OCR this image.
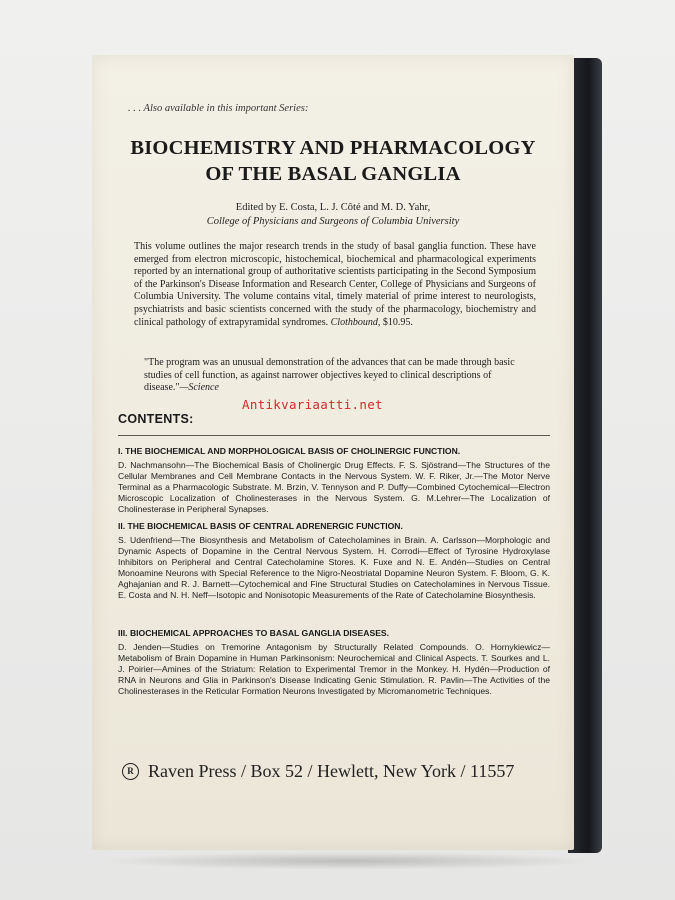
. . . Also available in this important Series:
BIOCHEMISTRY AND PHARMACOLOGY
OF THE BASAL GANGLIA
Edited by E. Costa, L. J. Côté and M. D. Yahr,
College of Physicians and Surgeons of Columbia University
This volume outlines the major research trends in the study of basal ganglia function. These have emerged from electron microscopic, histochemical, biochemical and pharmacological experiments reported by an international group of authoritative scientists participating in the Second Symposium of the Parkinson's Disease Information and Research Center, College of Physicians and Surgeons of Columbia University. The volume contains vital, timely material of prime interest to neurologists, psychiatrists and basic scientists concerned with the study of the pharmacology, biochemistry and clinical pathology of extrapyramidal syndromes. Clothbound, $10.95.
"The program was an unusual demonstration of the advances that can be made through basic studies of cell function, as against narrower objectives keyed to clinical descriptions of disease."—Science
Antikvariaatti.net
CONTENTS:
I. THE BIOCHEMICAL AND MORPHOLOGICAL BASIS OF CHOLINERGIC FUNCTION.
D. Nachmansohn—The Biochemical Basis of Cholinergic Drug Effects. F. S. Sjöstrand—The Structures of the Cellular Membranes and Cell Membrane Contacts in the Nervous System. W. F. Riker, Jr.—The Motor Nerve Terminal as a Pharmacologic Substrate. M. Brzin, V. Tennyson and P. Duffy—Combined Cytochemical—Electron Microscopic Localization of Cholinesterases in the Nervous System. G. M.Lehrer—The Localization of Cholinesterase in Peripheral Synapses.
II. THE BIOCHEMICAL BASIS OF CENTRAL ADRENERGIC FUNCTION.
S. Udenfriend—The Biosynthesis and Metabolism of Catecholamines in Brain. A. Carlsson—Morphologic and Dynamic Aspects of Dopamine in the Central Nervous System. H. Corrodi—Effect of Tyrosine Hydroxylase Inhibitors on Peripheral and Central Catecholamine Stores. K. Fuxe and N. E. Andén—Studies on Central Monoamine Neurons with Special Reference to the Nigro-Neostriatal Dopamine Neuron System. F. Bloom, G. K. Aghajanian and R. J. Barnett—Cytochemical and Fine Structural Studies on Catecholamines in Nervous Tissue. E. Costa and N. H. Neff—Isotopic and Nonisotopic Measurements of the Rate of Catecholamine Biosynthesis.
III. BIOCHEMICAL APPROACHES TO BASAL GANGLIA DISEASES.
D. Jenden—Studies on Tremorine Antagonism by Structurally Related Compounds. O. Hornykiewicz—Metabolism of Brain Dopamine in Human Parkinsonism: Neurochemical and Clinical Aspects. T. Sourkes and L. J. Poirier—Amines of the Striatum: Relation to Experimental Tremor in the Monkey. H. Hydén—Production of RNA in Neurons and Glia in Parkinson's Disease Indicating Genic Stimulation. R. Pavlin—The Activities of the Cholinesterases in the Reticular Formation Neurons Investigated by Micromanometric Techniques.
R Raven Press / Box 52 / Hewlett, New York / 11557
